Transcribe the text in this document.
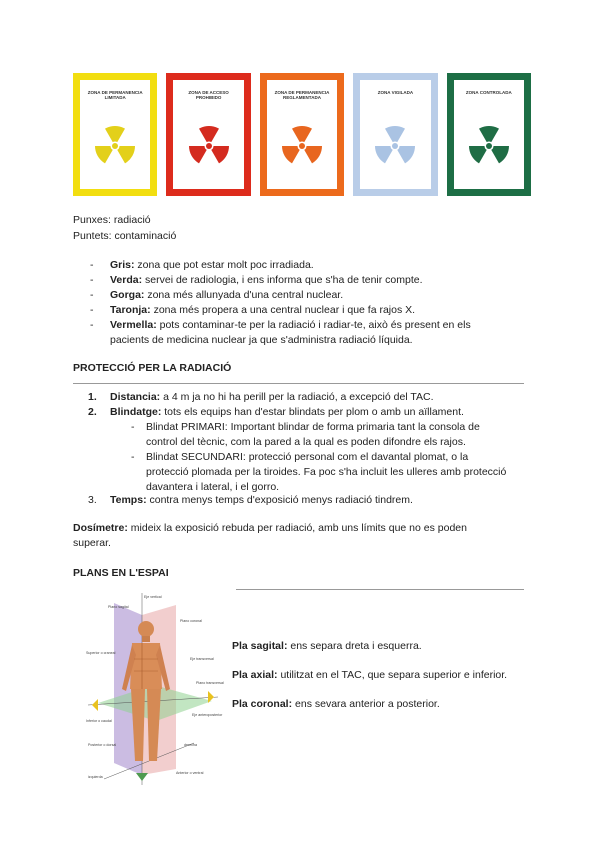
ZONA DE PERMANENCIA LIMITADA
ZONA DE ACCESO PROHIBIDO
ZONA DE PERMANENCIA REGLAMENTADA
ZONA VIGILADA	ZONA CONTROLADA
Punxes: radiació
Puntets: contaminació
- Gris: zona que pot estar molt poc irradiada.
- Verda: servei de radiologia, i ens informa que s'ha de tenir compte.
- Gorga: zona més allunyada d'una central nuclear.
- Taronja: zona més propera a una central nuclear i que fa rajos X.
- Vermella: pots contaminar-te per la radiació i radiar-te, això és present en els
pacients de medicina nuclear ja que s'administra radiació líquida.
PROTECCIÓ PER LA RADIACIÓ
1. Distancia: a 4 m ja no hi ha perill per la radiació, a excepció del TAC.
2. Blindatge: tots els equips han d'estar blindats per plom o amb un aïllament.
- Blindat PRIMARI: Important blindar de forma primaria tant la consola de
control del tècnic, com la pared a la qual es poden difondre els rajos.
- Blindat SECUNDARI: protecció personal com el davantal plomat, o la
protecció plomada per la tiroides. Fa poc s'ha incluit les ulleres amb protecció
davantera i lateral, i el gorro.
3. Temps: contra menys temps d'exposició menys radiació tindrem.
Dosímetre: mideix la exposició rebuda per radiació, amb uns límits que no es poden
superar.
PLANS EN L'ESPAI
Plano sagital
Plano coronal
Eje vertical
Superior o craneal
Eje transversal
Plano transversal
Eje anteroposterior
Inferior o caudal
Posterior o dorsal	derecha
izquierda
Anterior o ventral
Pla sagital: ens separa dreta i esquerra.
Pla axial: utilitzat en el TAC, que separa superior e inferior.
Pla coronal: ens sevara anterior a posterior.
